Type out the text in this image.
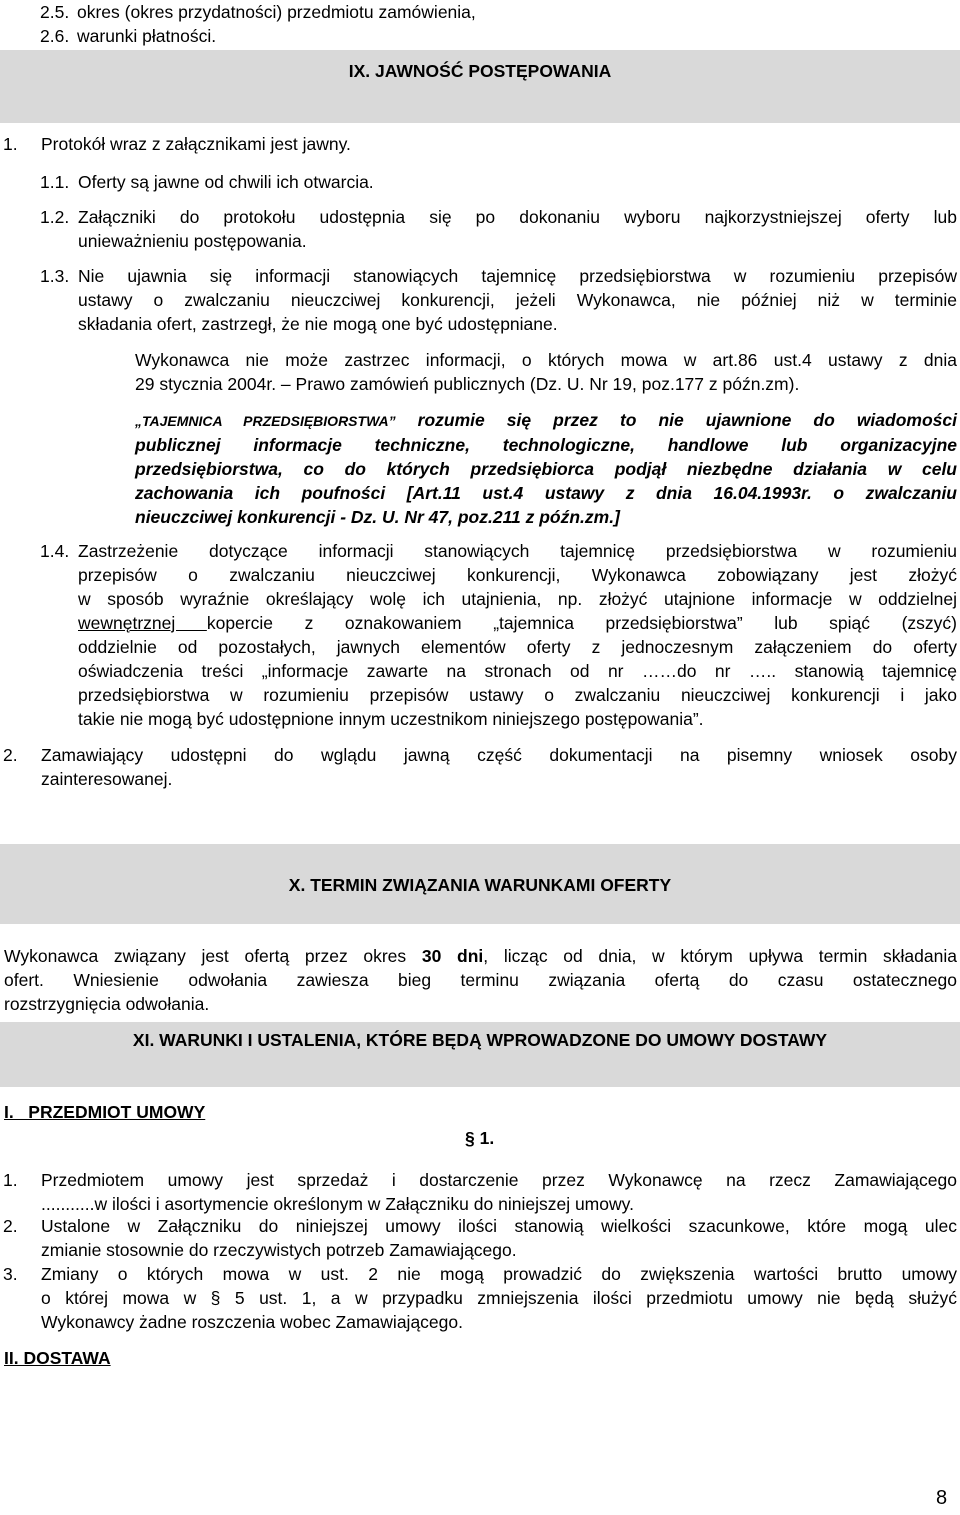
2.5. okres (okres przydatności) przedmiotu zamówienia,
2.6. warunki płatności.
IX. JAWNOŚĆ POSTĘPOWANIA
1. Protokół wraz z załącznikami jest jawny.
1.1. Oferty są jawne od chwili ich otwarcia.
1.2. Załączniki do protokołu udostępnia się po dokonaniu wyboru najkorzystniejszej oferty lub
unieważnieniu postępowania.
1.3. Nie ujawnia się informacji stanowiących tajemnicę przedsiębiorstwa w rozumieniu przepisów
ustawy o zwalczaniu nieuczciwej konkurencji, jeżeli Wykonawca, nie później niż w terminie
składania ofert, zastrzegł, że nie mogą one być udostępniane.
Wykonawca nie może zastrzec informacji, o których mowa w art.86 ust.4 ustawy z dnia
29 stycznia 2004r. – Prawo zamówień publicznych (Dz. U. Nr 19, poz.177 z późn.zm).
„TAJEMNICA PRZEDSIĘBIORSTWA” rozumie się przez to nie ujawnione do wiadomości
publicznej informacje techniczne, technologiczne, handlowe lub organizacyjne
przedsiębiorstwa, co do których przedsiębiorca podjął niezbędne działania w celu
zachowania ich poufności [Art.11 ust.4 ustawy z dnia 16.04.1993r. o zwalczaniu
nieuczciwej konkurencji - Dz. U. Nr 47, poz.211 z późn.zm.]
1.4. Zastrzeżenie dotyczące informacji stanowiących tajemnicę przedsiębiorstwa w rozumieniu
przepisów o zwalczaniu nieuczciwej konkurencji, Wykonawca zobowiązany jest złożyć
w sposób wyraźnie określający wolę ich utajnienia, np. złożyć utajnione informacje w oddzielnej
wewnętrznej kopercie z oznakowaniem „tajemnica przedsiębiorstwa” lub spiąć (zszyć)
oddzielnie od pozostałych, jawnych elementów oferty z jednoczesnym załączeniem do oferty
oświadczenia treści „informacje zawarte na stronach od nr ……do nr ….. stanowią tajemnicę
przedsiębiorstwa w rozumieniu przepisów ustawy o zwalczaniu nieuczciwej konkurencji i jako
takie nie mogą być udostępnione innym uczestnikom niniejszego postępowania”.
2. Zamawiający udostępni do wglądu jawną część dokumentacji na pisemny wniosek osoby
zainteresowanej.
X. TERMIN ZWIĄZANIA WARUNKAMI OFERTY
Wykonawca związany jest ofertą przez okres 30 dni, licząc od dnia, w którym upływa termin składania
ofert. Wniesienie odwołania zawiesza bieg terminu związania ofertą do czasu ostatecznego
rozstrzygnięcia odwołania.
XI. WARUNKI I USTALENIA, KTÓRE BĘDĄ WPROWADZONE DO UMOWY DOSTAWY
I.   PRZEDMIOT UMOWY
§ 1.
1. Przedmiotem umowy jest sprzedaż i dostarczenie przez Wykonawcę na rzecz Zamawiającego
...........w ilości i asortymencie określonym w Załączniku do niniejszej umowy.
2. Ustalone w Załączniku do niniejszej umowy ilości stanowią wielkości szacunkowe, które mogą ulec
zmianie stosownie do rzeczywistych potrzeb Zamawiającego.
3. Zmiany o których mowa w ust. 2 nie mogą prowadzić do zwiększenia wartości brutto umowy
o której mowa w § 5 ust. 1, a w przypadku zmniejszenia ilości przedmiotu umowy nie będą służyć
Wykonawcy żadne roszczenia wobec Zamawiającego.
II. DOSTAWA
8
